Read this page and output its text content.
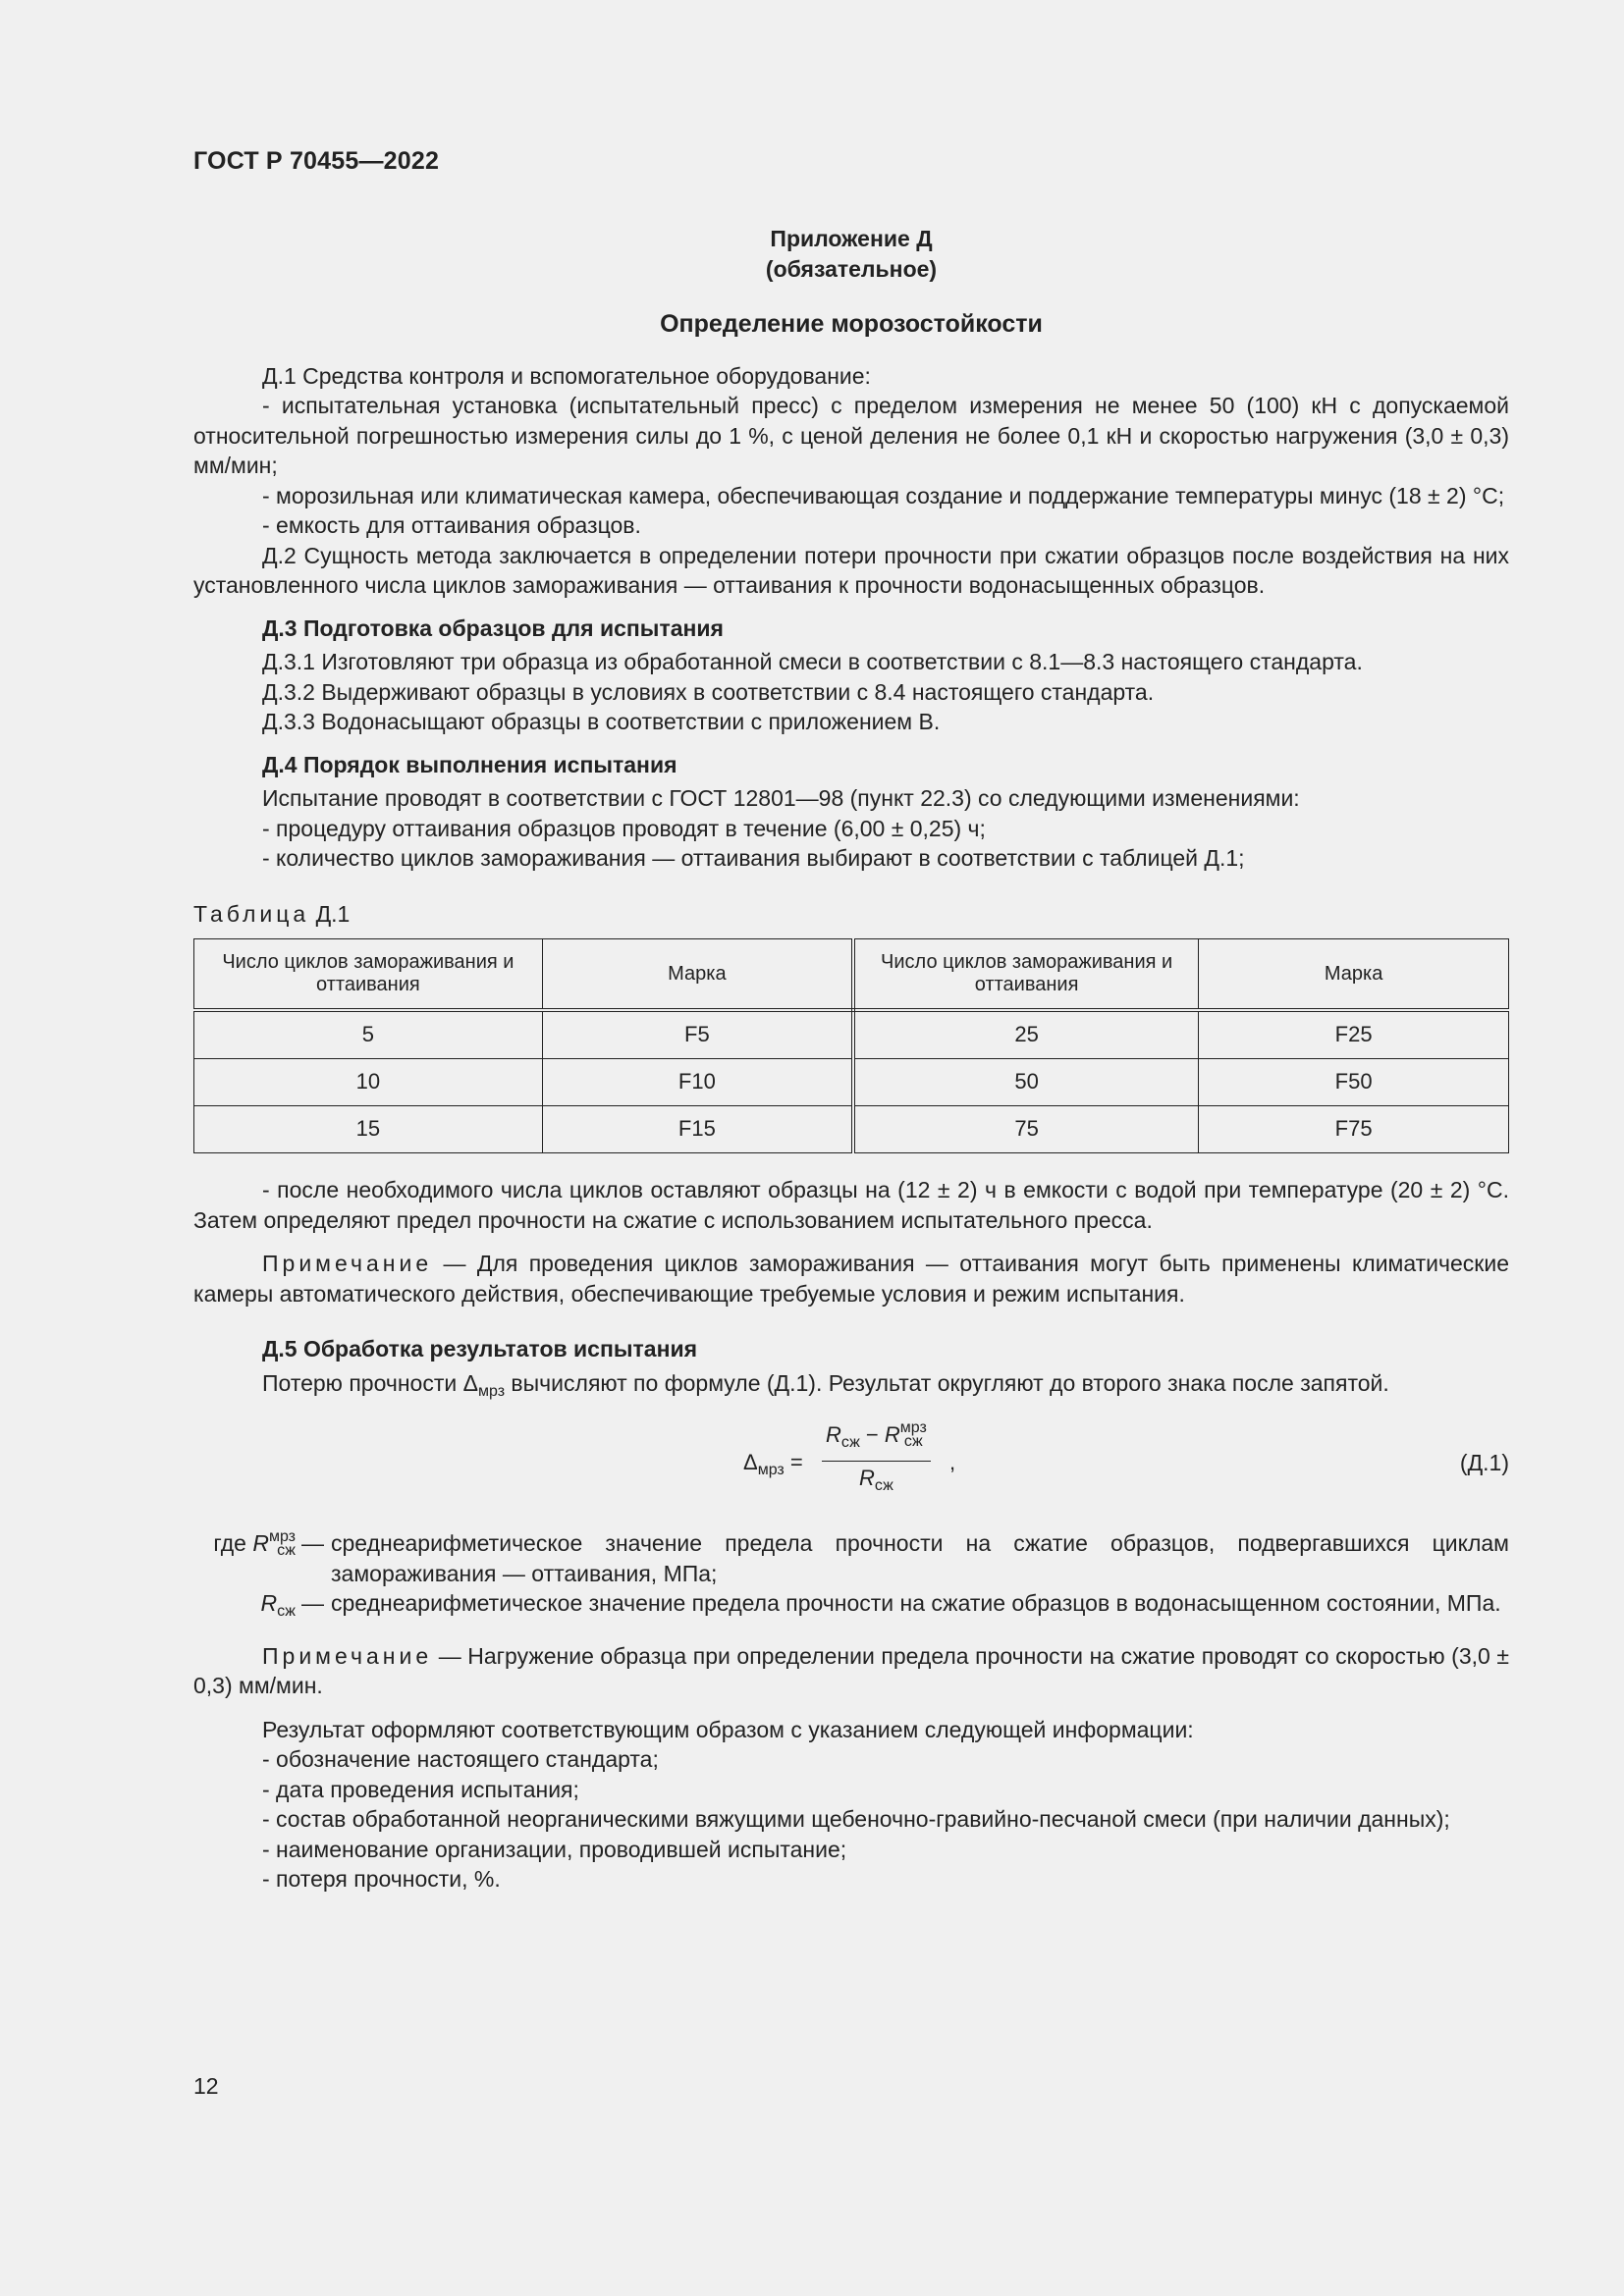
ГОСТ Р 70455—2022
Приложение Д
(обязательное)
Определение морозостойкости

Д.1 Средства контроля и вспомогательное оборудование:

- испытательная установка (испытательный пресс) с пределом измерения не менее 50 (100) кН с допускаемой относительной погрешностью измерения силы до 1 %, с ценой деления не более 0,1 кН и скоростью нагружения (3,0 ± 0,3) мм/мин;

- морозильная или климатическая камера, обеспечивающая создание и поддержание температуры минус (18 ± 2) °С;

- емкость для оттаивания образцов.

Д.2 Сущность метода заключается в определении потери прочности при сжатии образцов после воздействия на них установленного числа циклов замораживания — оттаивания к прочности водонасыщенных образцов.

Д.3 Подготовка образцов для испытания

Д.3.1 Изготовляют три образца из обработанной смеси в соответствии с 8.1—8.3 настоящего стандарта.

Д.3.2 Выдерживают образцы в условиях в соответствии с 8.4 настоящего стандарта.

Д.3.3 Водонасыщают образцы в соответствии с приложением В.

Д.4 Порядок выполнения испытания

Испытание проводят в соответствии с ГОСТ 12801—98 (пункт 22.3) со следующими изменениями:

- процедуру оттаивания образцов проводят в течение (6,00 ± 0,25) ч;

- количество циклов замораживания — оттаивания выбирают в соответствии с таблицей Д.1;

Таблица Д.1
Число циклов замораживания и оттаивания	Марка	Число циклов замораживания и оттаивания	Марка
5	F5	25	F25
10	F10	50	F50
15	F15	75	F75

- после необходимого числа циклов оставляют образцы на (12 ± 2) ч в емкости с водой при температуре (20 ± 2) °С. Затем определяют предел прочности на сжатие с использованием испытательного пресса.

Примечание — Для проведения циклов замораживания — оттаивания могут быть применены климатические камеры автоматического действия, обеспечивающие требуемые условия и режим испытания.

Д.5 Обработка результатов испытания

Потерю прочности $\Delta_{мрз}$ вычисляют по формуле (Д.1). Результат округляют до второго знака после запятой.

$\Delta_{мрз}$ =
$R_{сж} - R$ мрз
сж
$R_{сж}$
,	(Д.1)
где R мрз
сж — среднеарифметическое значение предела прочности на сжатие образцов, подвергавшихся циклам замораживания — оттаивания, МПа;
$R_{сж}$ — среднеарифметическое значение предела прочности на сжатие образцов в водонасыщенном состоянии, МПа.

Примечание — Нагружение образца при определении предела прочности на сжатие проводят со скоростью (3,0 ± 0,3) мм/мин.

Результат оформляют соответствующим образом с указанием следующей информации:

- обозначение настоящего стандарта;

- дата проведения испытания;

- состав обработанной неорганическими вяжущими щебеночно-гравийно-песчаной смеси (при наличии данных);

- наименование организации, проводившей испытание;

- потеря прочности, %.

12
